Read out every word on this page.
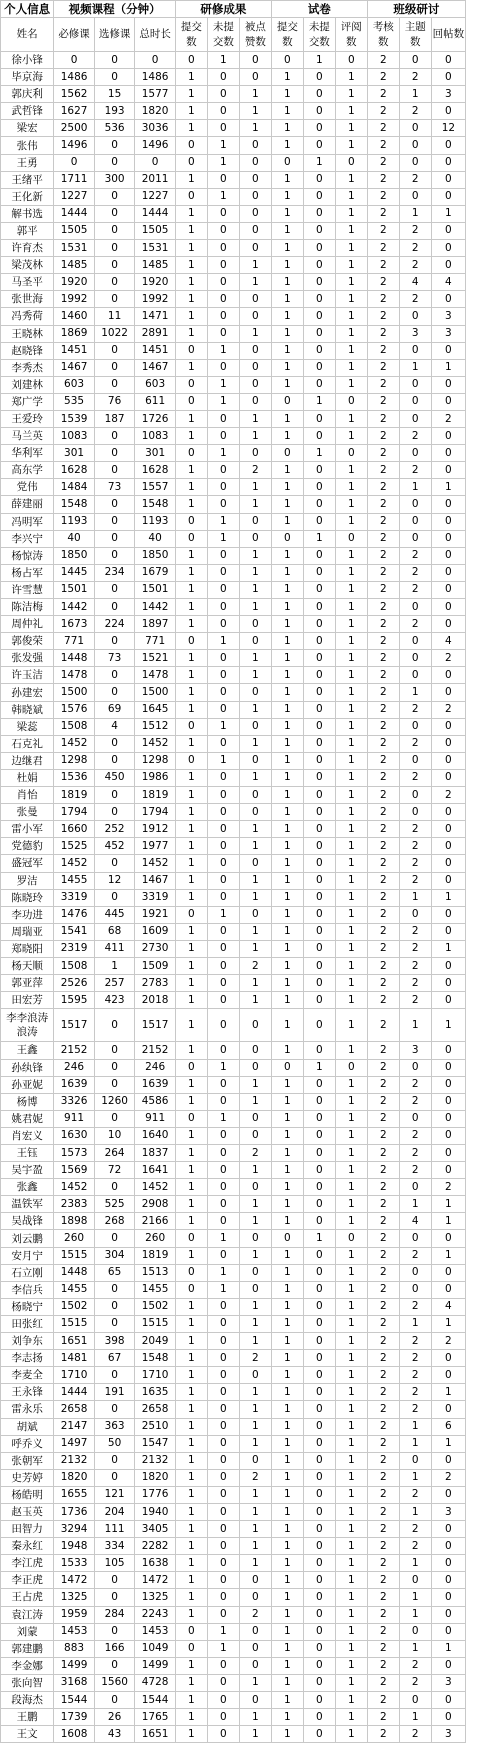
个人信息	视频课程（分钟）			研修成果			试卷			班级研讨		
姓名	必修课	选修课	总时长	提交数	未提交数	被点赞数	提交数	未提交数	评阅数	考核数	主题数	回帖数
徐小锋	0	0	0	0	1	0	0	1	0	2	0	0
毕京海	1486	0	1486	1	0	0	1	0	1	2	2	0
郭庆利	1562	15	1577	1	0	1	1	0	1	2	1	3
武哲锋	1627	193	1820	1	0	1	1	0	1	2	2	0
梁宏	2500	536	3036	1	0	1	1	0	1	2	0	12
张伟	1496	0	1496	0	1	0	1	0	1	2	0	0
王勇	0	0	0	0	1	0	0	1	0	2	0	0
王绪平	1711	300	2011	1	0	0	1	0	1	2	2	0
王化新	1227	0	1227	0	1	0	1	0	1	2	0	0
解书选	1444	0	1444	1	0	0	1	0	1	2	1	1
郭平	1505	0	1505	1	0	0	1	0	1	2	2	0
许育杰	1531	0	1531	1	0	0	1	0	1	2	2	0
梁茂林	1485	0	1485	1	0	1	1	0	1	2	2	0
马圣平	1920	0	1920	1	0	1	1	0	1	2	4	4
张世海	1992	0	1992	1	0	0	1	0	1	2	2	0
冯秀荷	1460	11	1471	1	0	0	1	0	1	2	0	3
王晓林	1869	1022	2891	1	0	1	1	0	1	2	3	3
赵晓锋	1451	0	1451	0	1	0	1	0	1	2	0	0
李秀杰	1467	0	1467	1	0	0	1	0	1	2	1	1
刘建林	603	0	603	0	1	0	1	0	1	2	0	0
郑广学	535	76	611	0	1	0	0	1	0	2	0	0
王爱玲	1539	187	1726	1	0	1	1	0	1	2	0	2
马兰英	1083	0	1083	1	0	1	1	0	1	2	2	0
华利军	301	0	301	0	1	0	0	1	0	2	0	0
高东学	1628	0	1628	1	0	2	1	0	1	2	2	0
党伟	1484	73	1557	1	0	1	1	0	1	2	1	1
薛建丽	1548	0	1548	1	0	1	1	0	1	2	0	0
冯明军	1193	0	1193	0	1	0	1	0	1	2	0	0
李兴宁	40	0	40	0	1	0	0	1	0	2	0	0
杨惊涛	1850	0	1850	1	0	1	1	0	1	2	2	0
杨占军	1445	234	1679	1	0	1	1	0	1	2	2	0
许雪慧	1501	0	1501	1	0	1	1	0	1	2	2	0
陈洁梅	1442	0	1442	1	0	1	1	0	1	2	0	0
周仲礼	1673	224	1897	1	0	0	1	0	1	2	2	0
郭俊荣	771	0	771	0	1	0	1	0	1	2	0	4
张发强	1448	73	1521	1	0	1	1	0	1	2	0	2
许玉洁	1478	0	1478	1	0	1	1	0	1	2	0	0
孙建宏	1500	0	1500	1	0	0	1	0	1	2	1	0
韩晓斌	1576	69	1645	1	0	1	1	0	1	2	2	2
梁蕊	1508	4	1512	0	1	0	1	0	1	2	0	0
石克礼	1452	0	1452	1	0	1	1	0	1	2	2	0
边继君	1298	0	1298	0	1	0	1	0	1	2	0	0
杜娟	1536	450	1986	1	0	1	1	0	1	2	2	0
肖怡	1819	0	1819	1	0	0	1	0	1	2	0	2
张曼	1794	0	1794	1	0	0	1	0	1	2	0	0
雷小军	1660	252	1912	1	0	1	1	0	1	2	2	0
党德豹	1525	452	1977	1	0	1	1	0	1	2	2	0
盛冠军	1452	0	1452	1	0	0	1	0	1	2	2	0
罗洁	1455	12	1467	1	0	1	1	0	1	2	2	0
陈晓玲	3319	0	3319	1	0	1	1	0	1	2	1	1
李功进	1476	445	1921	0	1	0	1	0	1	2	0	0
周瑞亚	1541	68	1609	1	0	1	1	0	1	2	2	0
郑晓阳	2319	411	2730	1	0	1	1	0	1	2	2	1
杨天顺	1508	1	1509	1	0	2	1	0	1	2	2	0
郭亚萍	2526	257	2783	1	0	1	1	0	1	2	2	0
田宏芳	1595	423	2018	1	0	1	1	0	1	2	2	0
李李浪涛浪涛	1517	0	1517	1	0	0	1	0	1	2	1	1
王鑫	2152	0	2152	1	0	0	1	0	1	2	3	0
孙纨锋	246	0	246	0	1	0	0	1	0	2	0	0
孙亚妮	1639	0	1639	1	0	1	1	0	1	2	2	0
杨博	3326	1260	4586	1	0	1	1	0	1	2	2	0
姚君妮	911	0	911	0	1	0	1	0	1	2	0	0
肖宏义	1630	10	1640	1	0	0	1	0	1	2	2	0
王钰	1573	264	1837	1	0	2	1	0	1	2	2	0
吴宇盈	1569	72	1641	1	0	1	1	0	1	2	2	0
张鑫	1452	0	1452	1	0	0	1	0	1	2	0	2
温铁军	2383	525	2908	1	0	1	1	0	1	2	1	1
吴战锋	1898	268	2166	1	0	1	1	0	1	2	4	1
刘云鹏	260	0	260	0	1	0	0	1	0	2	0	0
安月宁	1515	304	1819	1	0	1	1	0	1	2	2	1
石立刚	1448	65	1513	0	1	0	1	0	1	2	0	0
李信兵	1455	0	1455	0	1	0	1	0	1	2	0	0
杨晓宁	1502	0	1502	1	0	1	1	0	1	2	2	4
田张红	1515	0	1515	1	0	1	1	0	1	2	1	1
刘争东	1651	398	2049	1	0	1	1	0	1	2	2	2
李志扬	1481	67	1548	1	0	2	1	0	1	2	2	0
李麦全	1710	0	1710	1	0	0	1	0	1	2	2	0
王永锋	1444	191	1635	1	0	1	1	0	1	2	2	1
雷永乐	2658	0	2658	1	0	1	1	0	1	2	2	0
胡斌	2147	363	2510	1	0	1	1	0	1	2	1	6
呼乔义	1497	50	1547	1	0	1	1	0	1	2	1	1
张朝军	2132	0	2132	1	0	0	1	0	1	2	0	0
史芳婷	1820	0	1820	1	0	2	1	0	1	2	1	2
杨皓明	1655	121	1776	1	0	1	1	0	1	2	2	0
赵玉英	1736	204	1940	1	0	1	1	0	1	2	1	3
田智力	3294	111	3405	1	0	1	1	0	1	2	2	0
秦永红	1948	334	2282	1	0	1	1	0	1	2	2	0
李江虎	1533	105	1638	1	0	1	1	0	1	2	1	0
李正虎	1472	0	1472	1	0	0	1	0	1	2	0	0
王占虎	1325	0	1325	1	0	0	1	0	1	2	1	0
袁江涛	1959	284	2243	1	0	2	1	0	1	2	1	0
刘蒙	1453	0	1453	0	1	0	1	0	1	2	0	0
郭建鹏	883	166	1049	0	1	0	1	0	1	2	1	1
李金娜	1499	0	1499	1	0	0	1	0	1	2	2	0
张向智	3168	1560	4728	1	0	1	1	0	1	2	2	3
段海杰	1544	0	1544	1	0	0	1	0	1	2	0	0
王鹏	1739	26	1765	1	0	1	1	0	1	2	1	0
王文	1608	43	1651	1	0	1	1	0	1	2	2	3
